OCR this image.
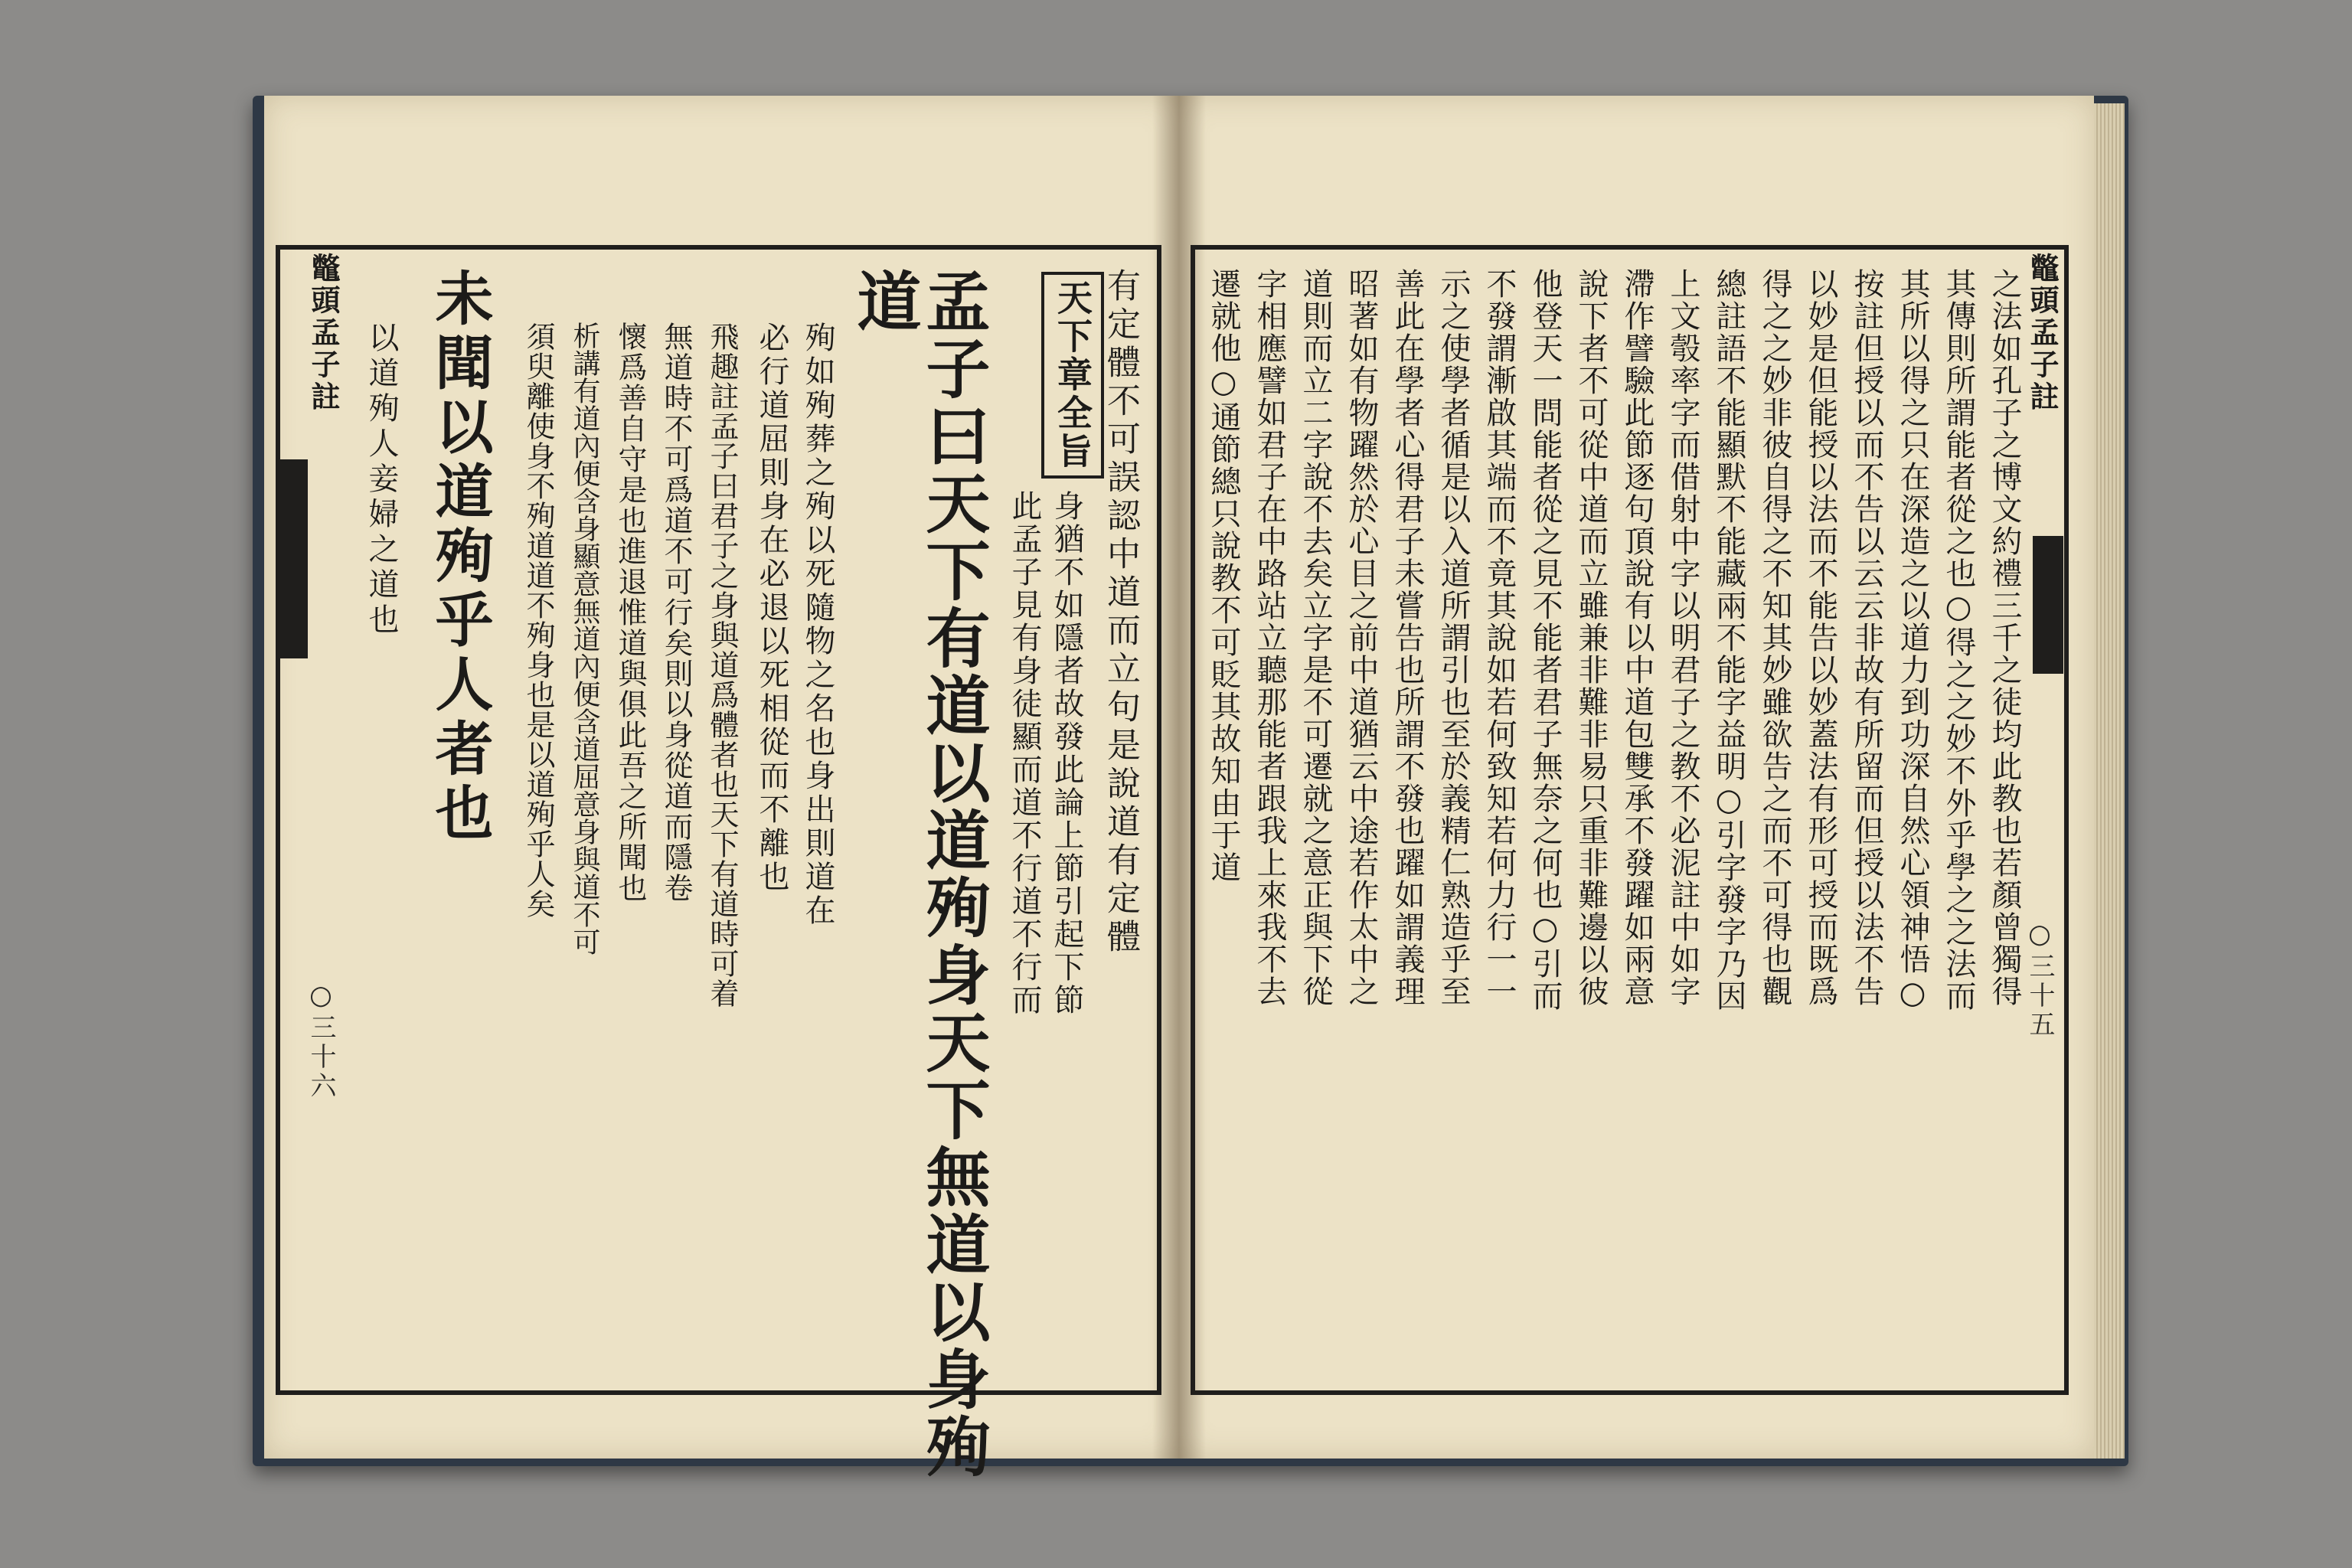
鼈頭孟子註
○三十六
鼈頭孟子註
○三十五
天下章全旨 有定體不可誤認中道而立句是說道有定體
身猶不如隱者故發此論上節引起下節
此孟子見有身徒顯而道不行道不行而
孟子曰天下有道以道殉身天下無道以身殉
道
殉如殉葬之殉以死隨物之名也身出則道在
必行道屈則身在必退以死相從而不離也
飛趣註孟子曰君子之身與道爲體者也天下有道時可着
無道時不可爲道不可行矣則以身從道而隱卷
懷爲善自守是也進退惟道與俱此吾之所聞也
析講有道內便含身顯意無道內便含道屈意身與道不可
須臾離使身不殉道道不殉身也是以道殉乎人矣
未聞以道殉乎人者也
以道殉人妾婦之道也	之法如孔子之博文約禮三千之徒均此教也若顏曾獨得
其傳則所謂能者從之也○得之之妙不外乎學之之法而
其所以得之只在深造之以道力到功深自然心領神悟○
按註但授以而不告以云云非故有所留而但授以法不告
以妙是但能授以法而不能告以妙蓋法有形可授而既爲
得之之妙非彼自得之不知其妙雖欲告之而不可得也觀
總註語不能顯默不能藏兩不能字益明○引字發字乃因
上文彀率字而借射中字以明君子之教不必泥註中如字
滯作譬驗此節逐句頂說有以中道包雙承不發躍如兩意
說下者不可從中道而立雖兼非難非易只重非難邊以彼
他登天一問能者從之見不能者君子無奈之何也○引而
不發謂漸啟其端而不竟其說如若何致知若何力行一一
示之使學者循是以入道所謂引也至於義精仁熟造乎至
善此在學者心得君子未嘗告也所謂不發也躍如謂義理
昭著如有物躍然於心目之前中道猶云中途若作太中之
道則而立二字說不去矣立字是不可遷就之意正與下從
字相應譬如君子在中路站立聽那能者跟我上來我不去
遷就他○通節總只說教不可貶其故知由于道
